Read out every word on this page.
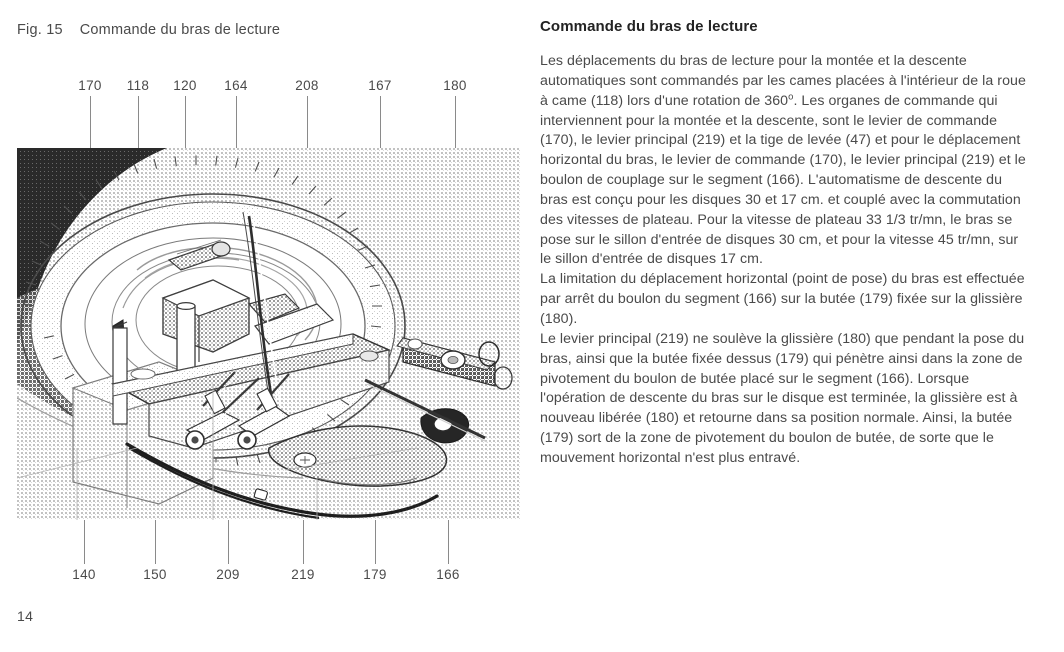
Fig. 15 Commande du bras de lecture
170	118	120	164	208	167	180
140	150	209	219	179	166
14
Commande du bras de lecture

Les déplacements du bras de lecture pour la montée et la descente automatiques sont commandés par les cames placées à l'intérieur de la roue à came (118) lors d'une rotation de 360$^o$. Les organes de commande qui interviennent pour la montée et la descente, sont le levier de commande (170), le levier principal (219) et la tige de levée (47) et pour le déplacement horizontal du bras, le levier de commande (170), le levier principal (219) et le boulon de couplage sur le segment (166). L'automatisme de descente du bras est conçu pour les disques 30 et 17 cm. et couplé avec la commutation des vitesses de plateau. Pour la vitesse de plateau 33 1/3 tr/mn, le bras se pose sur le sillon d'entrée de disques 30 cm, et pour la vitesse 45 tr/mn, sur le sillon d'entrée de disques 17 cm.

La limitation du déplacement horizontal (point de pose) du bras est effectuée par arrêt du boulon du segment (166) sur la butée (179) fixée sur la glissière (180).

Le levier principal (219) ne soulève la glissière (180) que pendant la pose du bras, ainsi que la butée fixée dessus (179) qui pénètre ainsi dans la zone de pivotement du boulon de butée placé sur le segment (166). Lorsque l'opération de descente du bras sur le disque est terminée, la glissière est à nouveau libérée (180) et retourne dans sa position normale. Ainsi, la butée (179) sort de la zone de pivotement du boulon de butée, de sorte que le mouvement horizontal n'est plus entravé.
